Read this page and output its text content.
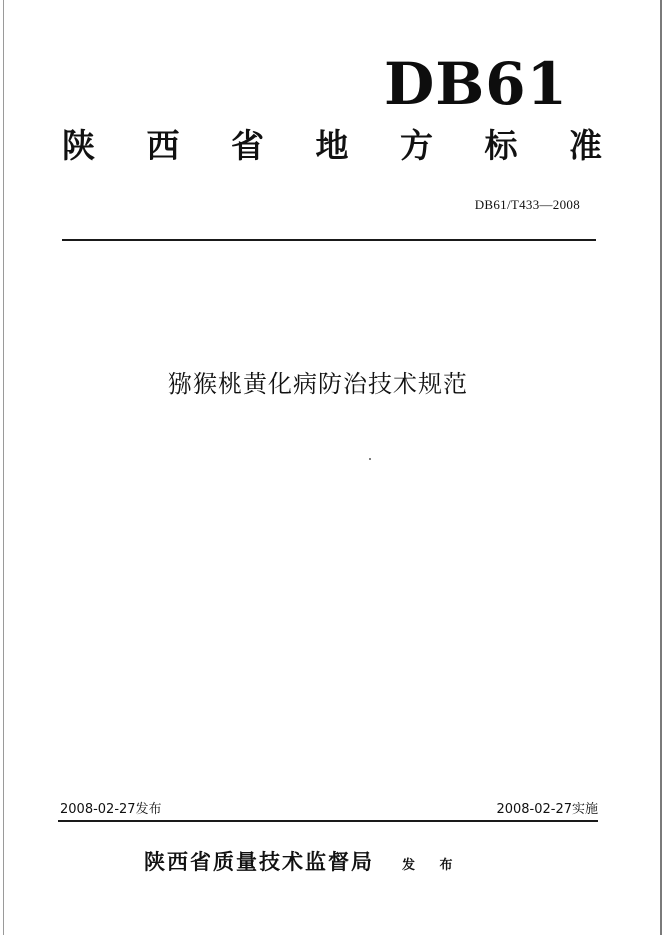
DB61
陕 西 省 地 方 标 准
DB61/T433—2008
猕猴桃黄化病防治技术规范
2008-02-27发布	2008-02-27实施
陕西省质量技术监督局 发 布
